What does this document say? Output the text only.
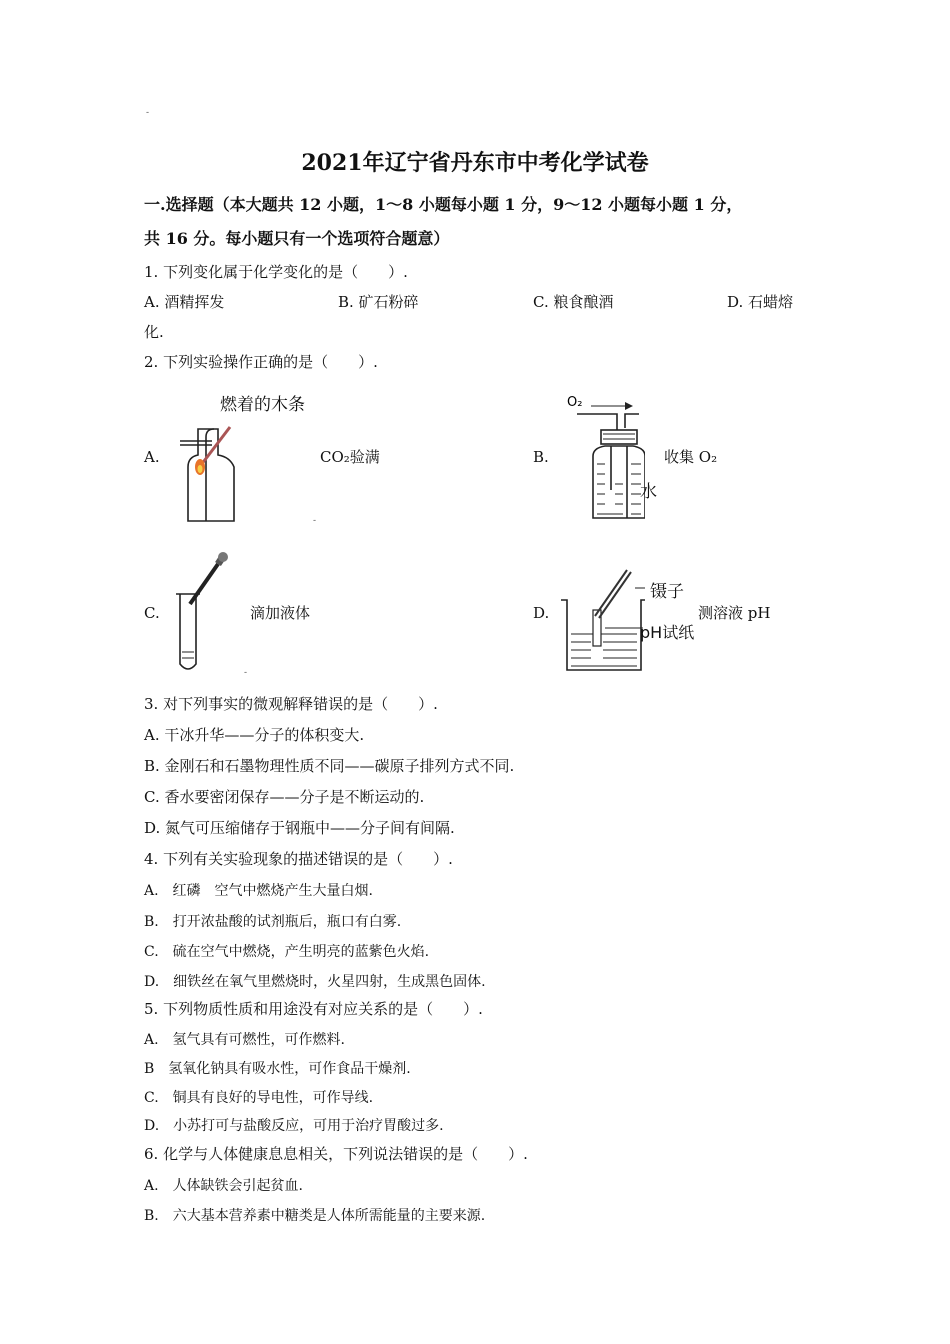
-
2021年辽宁省丹东市中考化学试卷
一.选择题（本大题共 12 小题，1～8 小题每小题 1 分，9～12 小题每小题 1 分，
共 16 分。每小题只有一个选项符合题意）
1. 下列变化属于化学变化的是（　　）.
A. 酒精挥发	B. 矿石粉碎	C. 粮食酿酒	D. 石蜡熔
化.
2. 下列实验操作正确的是（　　）.
燃着的木条
A.	CO₂验满
-
O₂
水
B.	收集 O₂
-
C.	滴加液体
镊子
pH试纸
D.	测溶液 pH
3. 对下列事实的微观解释错误的是（　　）.
A. 干冰升华——分子的体积变大.
B. 金刚石和石墨物理性质不同——碳原子排列方式不同.
C. 香水要密闭保存——分子是不断运动的.
D. 氮气可压缩储存于钢瓶中——分子间有间隔.
4. 下列有关实验现象的描述错误的是（　　）.
A.　红磷　空气中燃烧产生大量白烟.
B.　打开浓盐酸的试剂瓶后，瓶口有白雾.
C.　硫在空气中燃烧，产生明亮的蓝紫色火焰.
D.　细铁丝在氧气里燃烧时，火星四射，生成黑色固体.
5. 下列物质性质和用途没有对应关系的是（　　）.
A.　氢气具有可燃性，可作燃料.
B　氢氧化钠具有吸水性，可作食品干燥剂.
C.　铜具有良好的导电性，可作导线.
D.　小苏打可与盐酸反应，可用于治疗胃酸过多.
6. 化学与人体健康息息相关，下列说法错误的是（　　）.
A.　人体缺铁会引起贫血.
B.　六大基本营养素中糖类是人体所需能量的主要来源.
